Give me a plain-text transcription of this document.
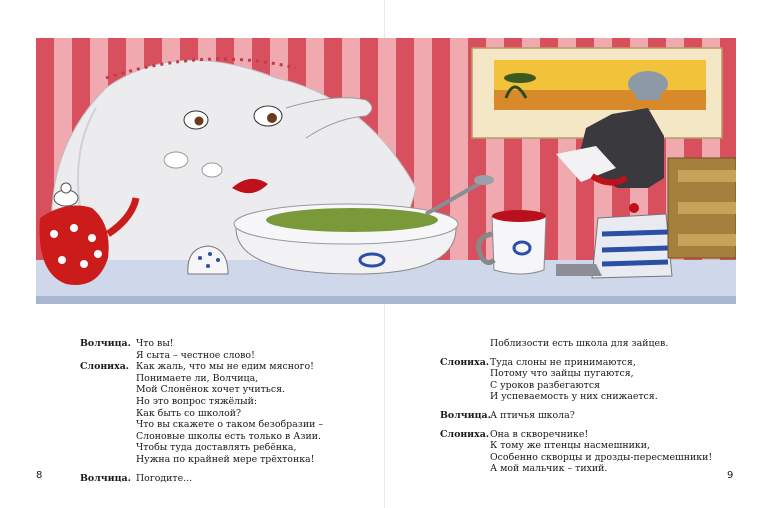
Волчица. Что вы!
Я сыта – честное слово!
Слониха. Как жаль, что мы не едим мясного!
Понимаете ли, Волчица,
Мой Слонёнок хочет учиться.
Но это вопрос тяжёлый:
Как быть со школой?
Что вы скажете о таком безобразии –
Слоновые школы есть только в Азии.
Чтобы туда доставлять ребёнка,
Нужна по крайней мере трёхтонка!
Волчица. Погодите...
Поблизости есть школа для зайцев.
Слониха. Туда слоны не принимаются,
Потому что зайцы пугаются,
С уроков разбегаются
И успеваемость у них снижается.
Волчица. А птичья школа?
Слониха. Она в скворечнике!
К тому же птенцы насмешники,
Особенно скворцы и дрозды-пересмешники!
А мой мальчик – тихий.
8	9
